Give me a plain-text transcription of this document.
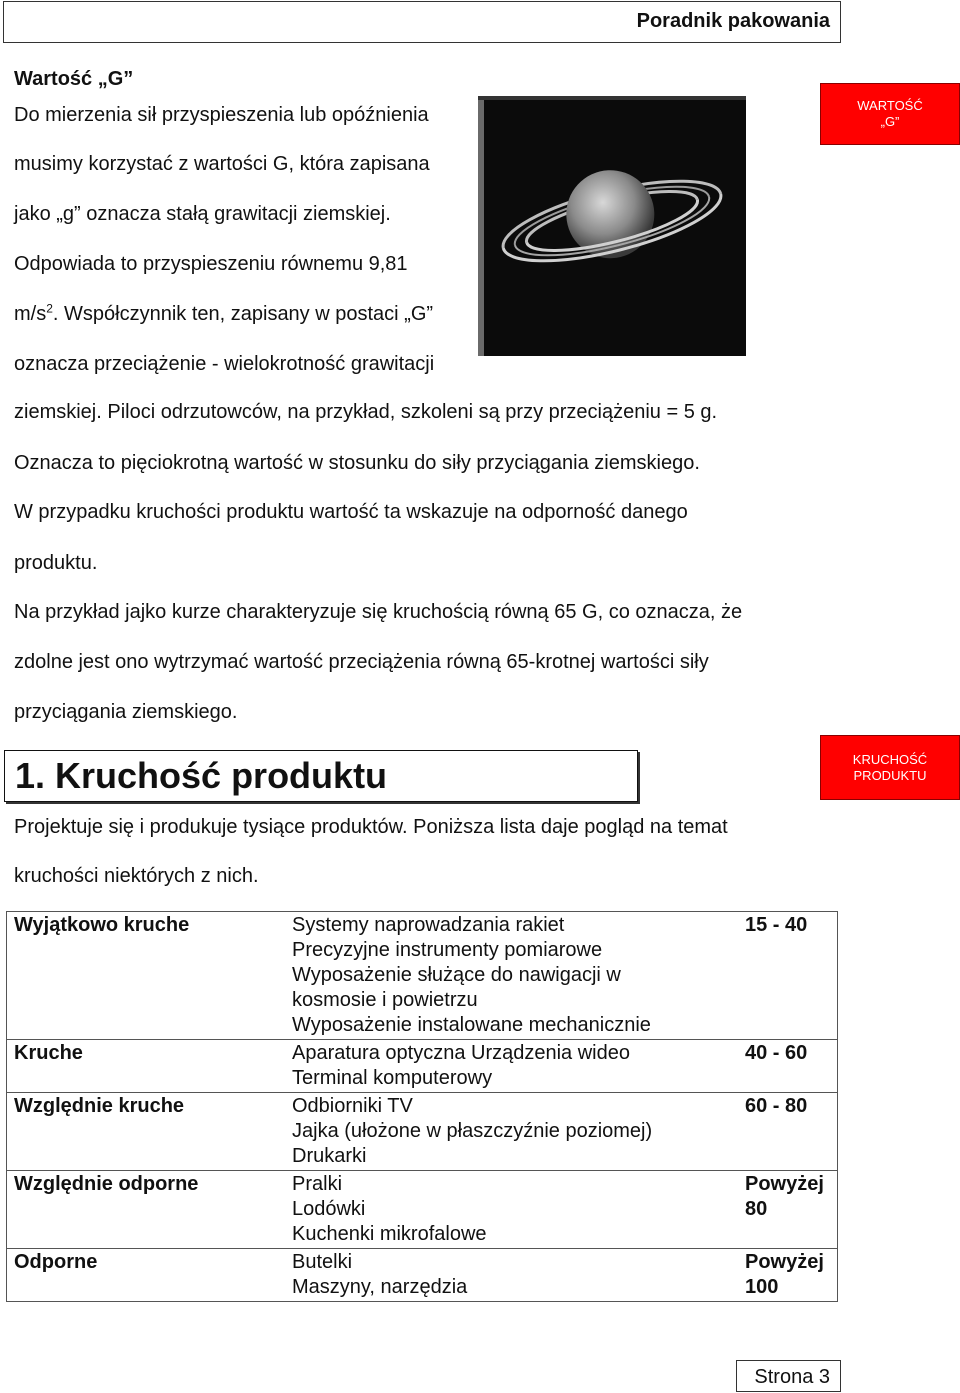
Poradnik pakowania
Wartość „G”
Do mierzenia sił przyspieszenia lub opóźnienia
musimy korzystać z wartości G, która zapisana
jako „g” oznacza stałą grawitacji ziemskiej.
Odpowiada to przyspieszeniu równemu 9,81
$m/s^2$. Współczynnik ten, zapisany w postaci „G”
oznacza przeciążenie - wielokrotność grawitacji
ziemskiej. Piloci odrzutowców, na przykład, szkoleni są przy przeciążeniu = 5 g.
Oznacza to pięciokrotną wartość w stosunku do siły przyciągania ziemskiego.
W przypadku kruchości produktu wartość ta wskazuje na odporność danego
produktu.
Na przykład jajko kurze charakteryzuje się kruchością równą 65 G, co oznacza, że
zdolne jest ono wytrzymać wartość przeciążenia równą 65-krotnej wartości siły
przyciągania ziemskiego.
WARTOŚĆ
„G”
1. Kruchość produktu	KRUCHOŚĆ
PRODUKTU
Projektuje się i produkuje tysiące produktów. Poniższa lista daje pogląd na temat
kruchości niektórych z nich.
Wyjątkowo kruche	Systemy naprowadzania rakiet
Precyzyjne instrumenty pomiarowe
Wyposażenie służące do nawigacji w
kosmosie i powietrzu
Wyposażenie instalowane mechanicznie	15 - 40

Kruche	Aparatura optyczna Urządzenia wideo
Terminal komputerowy	40 - 60

Względnie kruche	Odbiorniki TV
Jajka (ułożone w płaszczyźnie poziomej)
Drukarki	60 - 80

Względnie odporne	Pralki
Lodówki
Kuchenki mikrofalowe	Powyżej
80

Odporne	Butelki
Maszyny, narzędzia	Powyżej
100
Strona 3
